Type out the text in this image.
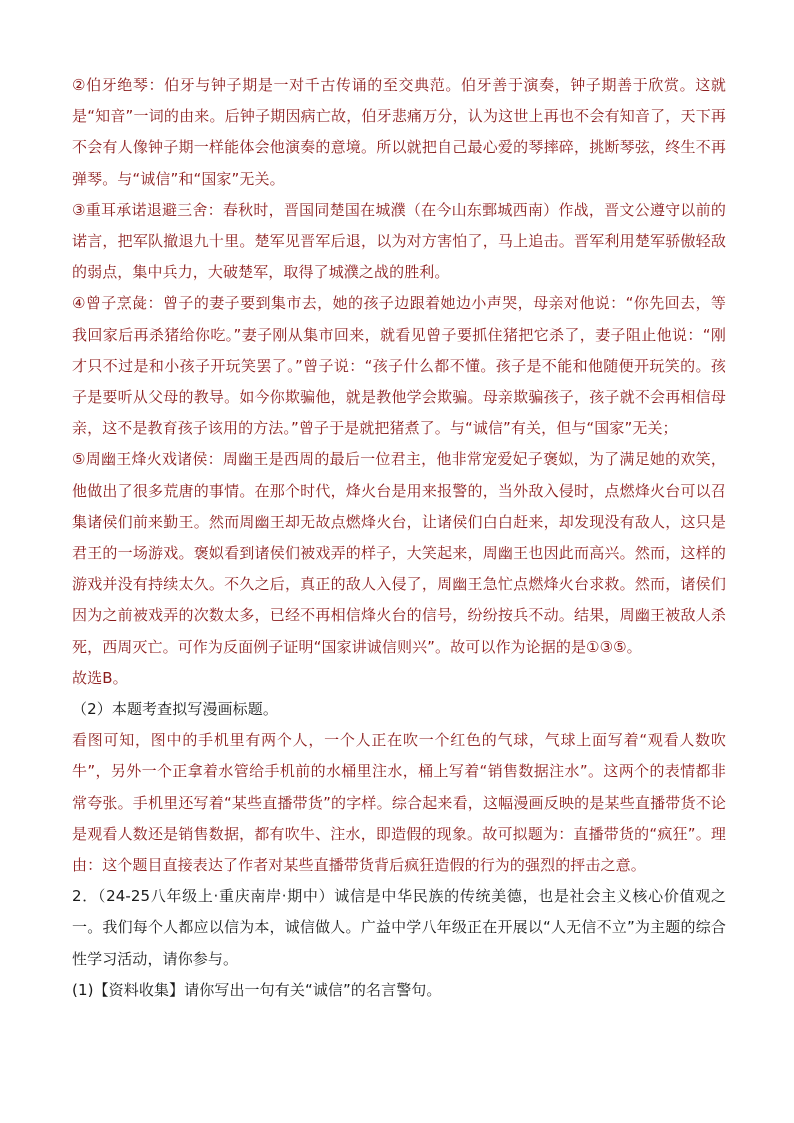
②伯牙绝琴：伯牙与钟子期是一对千古传诵的至交典范。伯牙善于演奏，钟子期善于欣赏。这就是“知音”一词的由来。后钟子期因病亡故，伯牙悲痛万分，认为这世上再也不会有知音了，天下再不会有人像钟子期一样能体会他演奏的意境。所以就把自己最心爱的琴摔碎，挑断琴弦，终生不再弹琴。与“诚信”和“国家”无关。

③重耳承诺退避三舍：春秋时，晋国同楚国在城濮（在今山东鄄城西南）作战，晋文公遵守以前的诺言，把军队撤退九十里。楚军见晋军后退，以为对方害怕了，马上追击。晋军利用楚军骄傲轻敌的弱点，集中兵力，大破楚军，取得了城濮之战的胜利。

④曾子烹彘：曾子的妻子要到集市去，她的孩子边跟着她边小声哭，母亲对他说：“你先回去，等我回家后再杀猪给你吃。”妻子刚从集市回来，就看见曾子要抓住猪把它杀了，妻子阻止他说：“刚才只不过是和小孩子开玩笑罢了。”曾子说：“孩子什么都不懂。孩子是不能和他随便开玩笑的。孩子是要听从父母的教导。如今你欺骗他，就是教他学会欺骗。母亲欺骗孩子，孩子就不会再相信母亲，这不是教育孩子该用的方法。”曾子于是就把猪煮了。与“诚信”有关，但与“国家”无关；

⑤周幽王烽火戏诸侯：周幽王是西周的最后一位君主，他非常宠爱妃子褒姒，为了满足她的欢笑，他做出了很多荒唐的事情。在那个时代，烽火台是用来报警的，当外敌入侵时，点燃烽火台可以召集诸侯们前来勤王。然而周幽王却无故点燃烽火台，让诸侯们白白赶来，却发现没有敌人，这只是君王的一场游戏。褒姒看到诸侯们被戏弄的样子，大笑起来，周幽王也因此而高兴。然而，这样的游戏并没有持续太久。不久之后，真正的敌人入侵了，周幽王急忙点燃烽火台求救。然而，诸侯们因为之前被戏弄的次数太多，已经不再相信烽火台的信号，纷纷按兵不动。结果，周幽王被敌人杀死，西周灭亡。可作为反面例子证明“国家讲诚信则兴”。故可以作为论据的是①③⑤。

故选B。

（2）本题考查拟写漫画标题。

看图可知，图中的手机里有两个人，一个人正在吹一个红色的气球，气球上面写着“观看人数吹牛”，另外一个正拿着水管给手机前的水桶里注水，桶上写着“销售数据注水”。这两个的表情都非常夸张。手机里还写着“某些直播带货”的字样。综合起来看，这幅漫画反映的是某些直播带货不论是观看人数还是销售数据，都有吹牛、注水，即造假的现象。故可拟题为：直播带货的“疯狂”。理由：这个题目直接表达了作者对某些直播带货背后疯狂造假的行为的强烈的抨击之意。

2．（24-25八年级上·重庆南岸·期中）诚信是中华民族的传统美德，也是社会主义核心价值观之一。我们每个人都应以信为本，诚信做人。广益中学八年级正在开展以“人无信不立”为主题的综合性学习活动，请你参与。

(1)【资料收集】请你写出一句有关“诚信”的名言警句。
